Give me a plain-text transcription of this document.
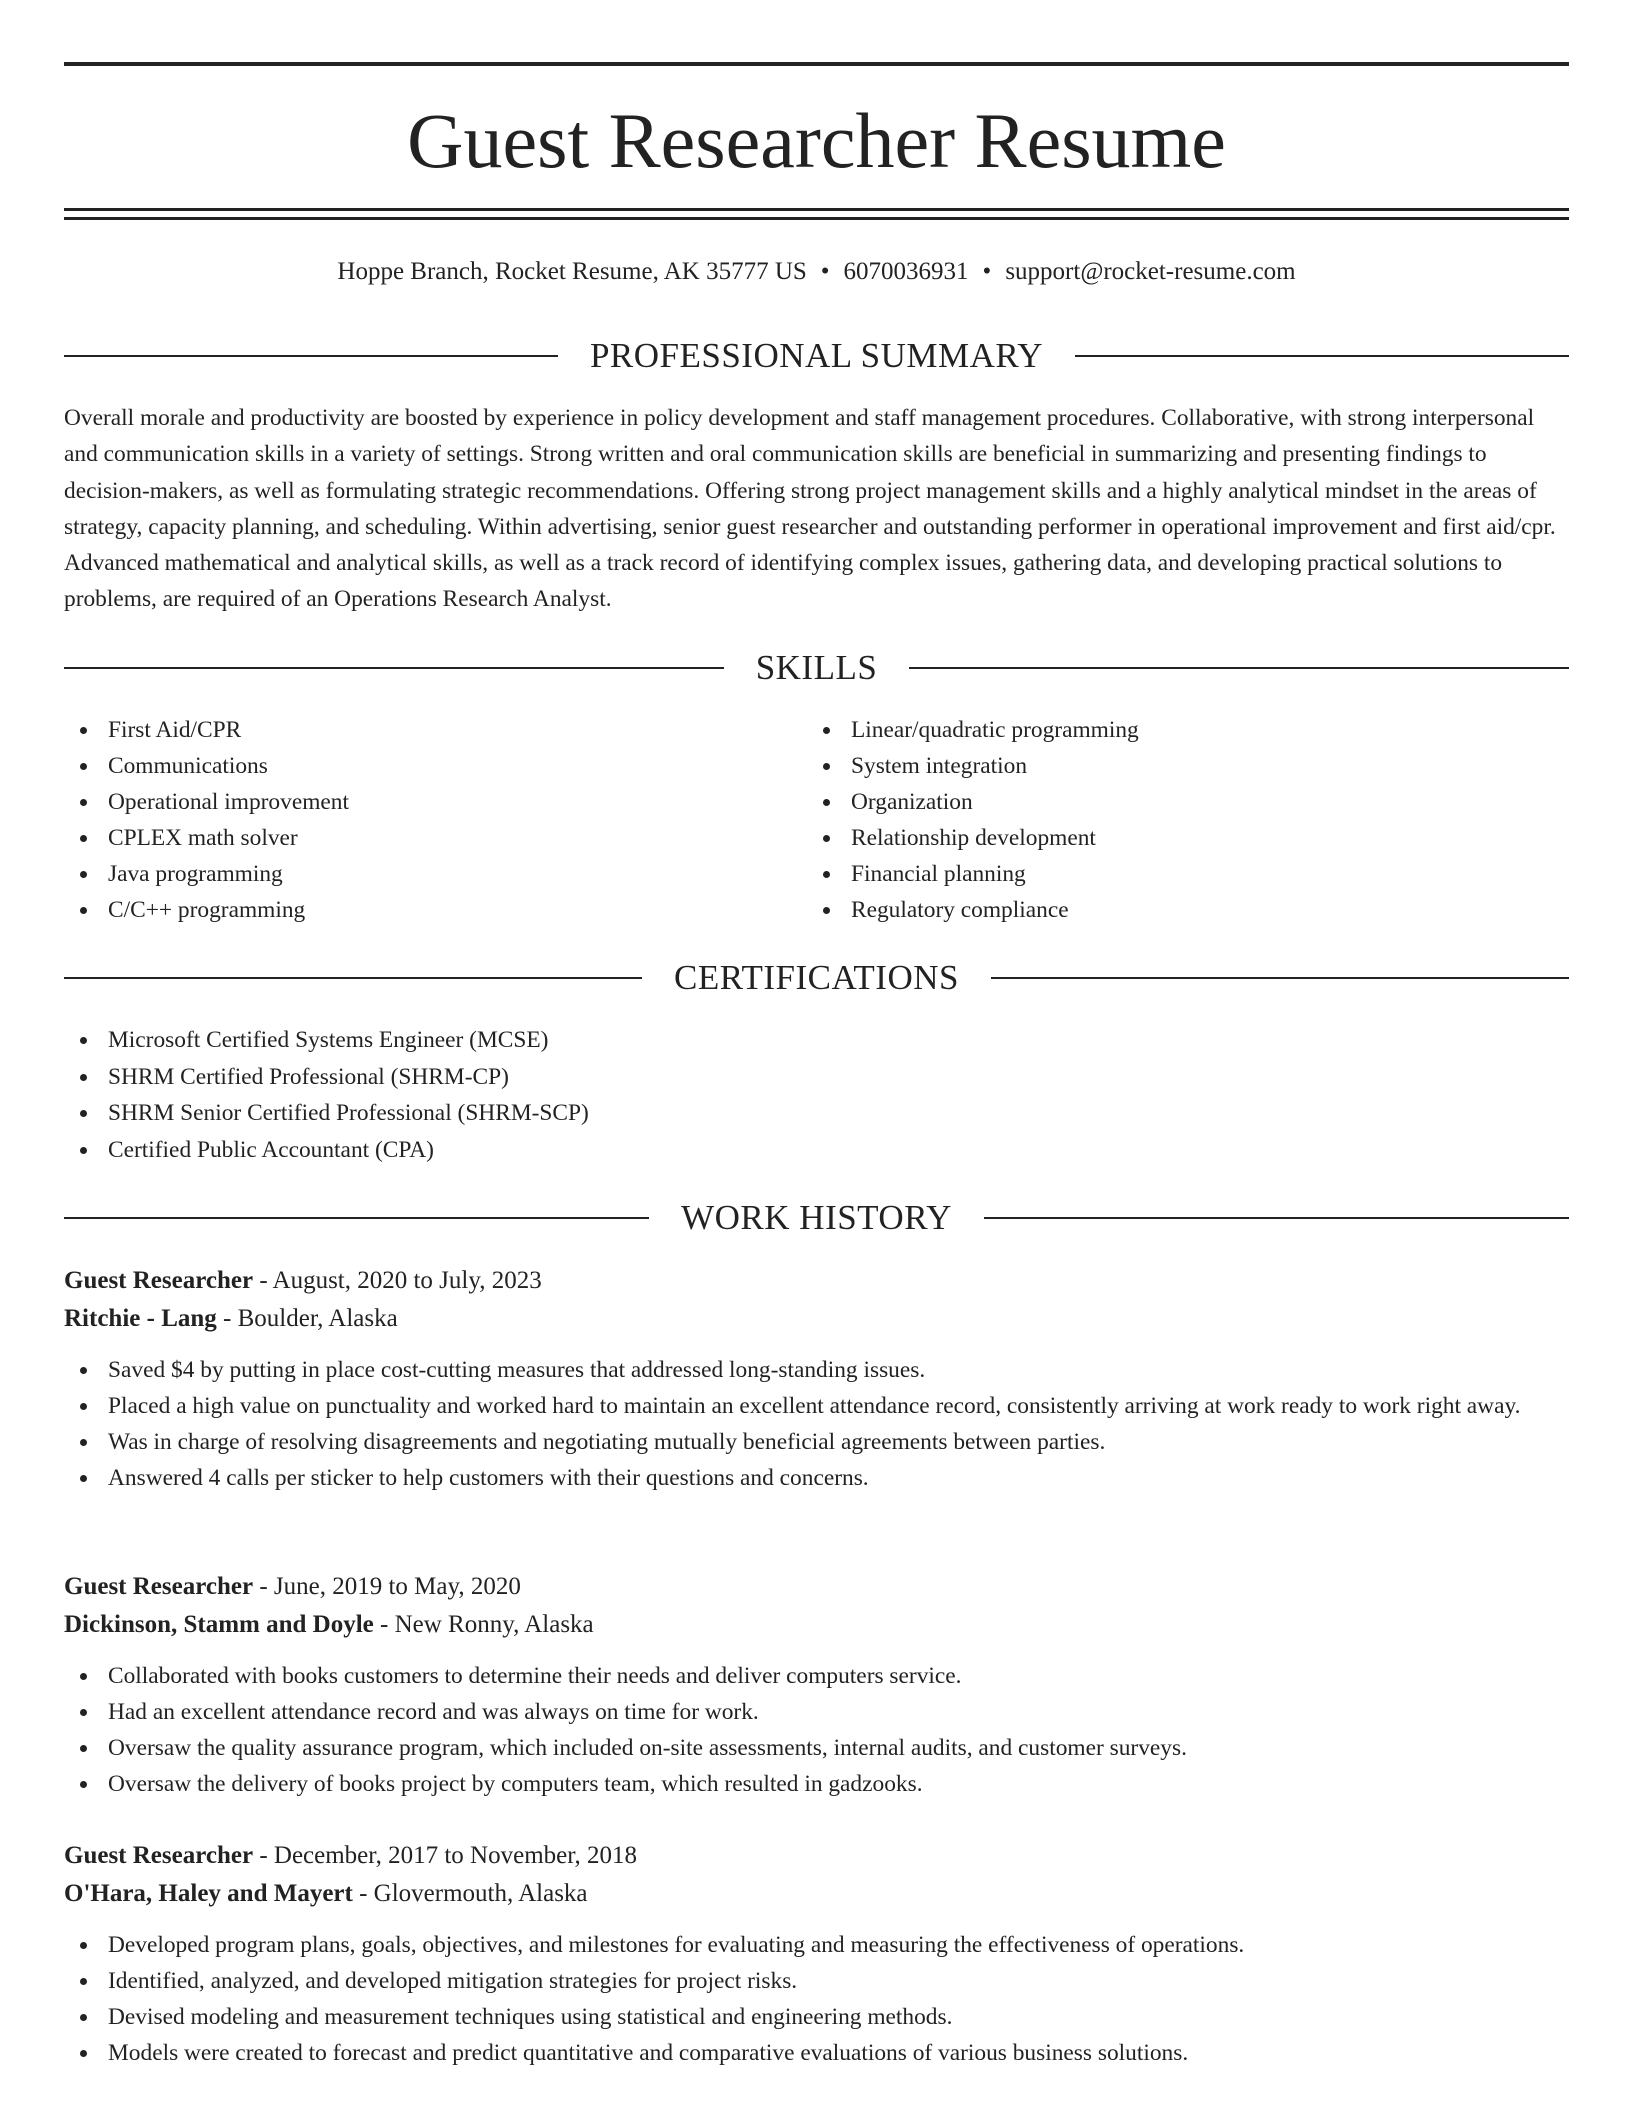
Guest Researcher Resume
Hoppe Branch, Rocket Resume, AK 35777 US • 6070036931 • support@rocket-resume.com
PROFESSIONAL SUMMARY

Overall morale and productivity are boosted by experience in policy development and staff management procedures. Collaborative, with strong interpersonal and communication skills in a variety of settings. Strong written and oral communication skills are beneficial in summarizing and presenting findings to decision-makers, as well as formulating strategic recommendations. Offering strong project management skills and a highly analytical mindset in the areas of strategy, capacity planning, and scheduling. Within advertising, senior guest researcher and outstanding performer in operational improvement and first aid/cpr. Advanced mathematical and analytical skills, as well as a track record of identifying complex issues, gathering data, and developing practical solutions to problems, are required of an Operations Research Analyst.

SKILLS
First Aid/CPR
Communications
Operational improvement
CPLEX math solver
Java programming
C/C++ programming
Linear/quadratic programming
System integration
Organization
Relationship development
Financial planning
Regulatory compliance
CERTIFICATIONS
Microsoft Certified Systems Engineer (MCSE)
SHRM Certified Professional (SHRM-CP)
SHRM Senior Certified Professional (SHRM-SCP)
Certified Public Accountant (CPA)
WORK HISTORY
Guest Researcher - August, 2020 to July, 2023
Ritchie - Lang - Boulder, Alaska
Saved $4 by putting in place cost-cutting measures that addressed long-standing issues.
Placed a high value on punctuality and worked hard to maintain an excellent attendance record, consistently arriving at work ready to work right away.
Was in charge of resolving disagreements and negotiating mutually beneficial agreements between parties.
Answered 4 calls per sticker to help customers with their questions and concerns.
Guest Researcher - June, 2019 to May, 2020
Dickinson, Stamm and Doyle - New Ronny, Alaska
Collaborated with books customers to determine their needs and deliver computers service.
Had an excellent attendance record and was always on time for work.
Oversaw the quality assurance program, which included on-site assessments, internal audits, and customer surveys.
Oversaw the delivery of books project by computers team, which resulted in gadzooks.
Guest Researcher - December, 2017 to November, 2018
O'Hara, Haley and Mayert - Glovermouth, Alaska
Developed program plans, goals, objectives, and milestones for evaluating and measuring the effectiveness of operations.
Identified, analyzed, and developed mitigation strategies for project risks.
Devised modeling and measurement techniques using statistical and engineering methods.
Models were created to forecast and predict quantitative and comparative evaluations of various business solutions.
